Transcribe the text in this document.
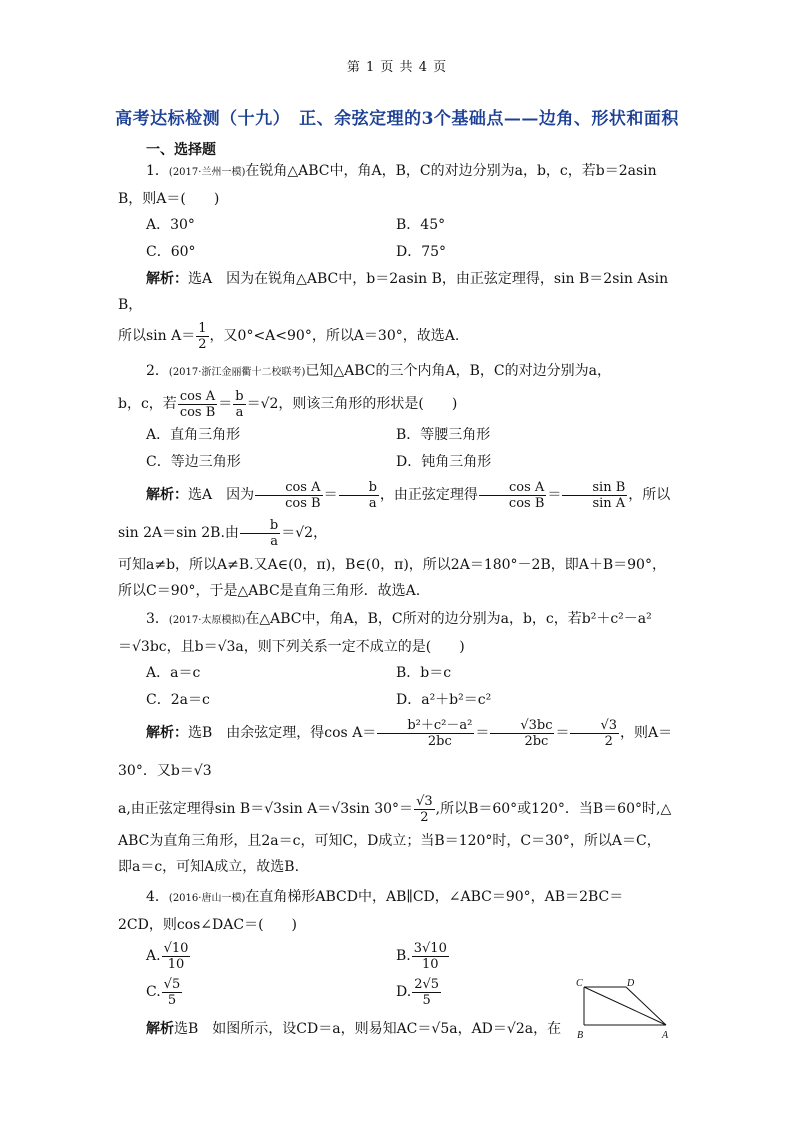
第 1 页 共 4 页
高考达标检测（十九）　正、余弦定理的3个基础点——边角、形状和面积
一、选择题

1．(2017·兰州一模)在锐角△ABC中，角A，B，C的对边分别为a，b，c，若b＝2asin

B，则A＝(　　)

A．30°	B．45°
C．60°	D．75°

解析：选A　因为在锐角△ABC中，b＝2asin B，由正弦定理得，sin B＝2sin Asin B，

所以$\sin A= \frac{1}{2}$ ，又0°<A<90°，所以A＝30°，故选A.

2．(2017·浙江金丽衢十二校联考)已知△ABC的三个内角A，B，C的对边分别为a，

b，c，若 $\frac{\text{cos A}}{\text{cos B}} = \frac{b}{a} =√2$，则该三角形的形状是(　　)

A．直角三角形	B．等腰三角形
C．等边三角形	D．钝角三角形

解析：选A　因为 $\frac{\text{cos A}}{\text{cos B}} = \frac{b}{a}$ ，由正弦定理得 $\frac{\text{cos A}}{\text{cos B}} = \frac{\text{sin B}}{\text{sin A}}$ ，所以sin 2A＝sin 2B.由 $\frac{b}{a} =√2$，

可知a≠b，所以A≠B.又A∈(0，π)，B∈(0，π)，所以2A＝180°－2B，即A＋B＝90°，

所以C＝90°，于是△ABC是直角三角形．故选A.

3．(2017·太原模拟)在△ABC中，角A，B，C所对的边分别为a，b，c，若b²＋c²－a²

＝√3bc，且b＝√3a，则下列关系一定不成立的是(　　)

A．a＝c	B．b＝c
C．2a＝c	D．a²＋b²＝c²

解析：选B　由余弦定理，得$\cos A= \frac{\text{b²＋c²－a²}}{2bc} = \frac{√3bc}{2bc} = \frac{√3}{2}$ ，则A＝30°．又b＝√3

a,由正弦定理得sin B＝√3sin A＝√3sin $30^\circ= \frac{√3}{2}$ ,所以B＝60°或120°．当B＝60°时,△

ABC为直角三角形，且2a＝c，可知C，D成立；当B＝120°时，C＝30°，所以A＝C，

即a＝c，可知A成立，故选B.

4．(2016·唐山一模)在直角梯形ABCD中，AB∥CD，∠ABC＝90°，AB＝2BC＝

2CD，则cos∠DAC＝(　　)

A. $\frac{√10}{10}$	B. $\frac{3√10}{10}$
C. $\frac{√5}{5}$	D. $\frac{2√5}{5}$

解析选B　如图所示，设CD＝a，则易知AC＝√5a，AD＝√2a，在

C	D
B	A
